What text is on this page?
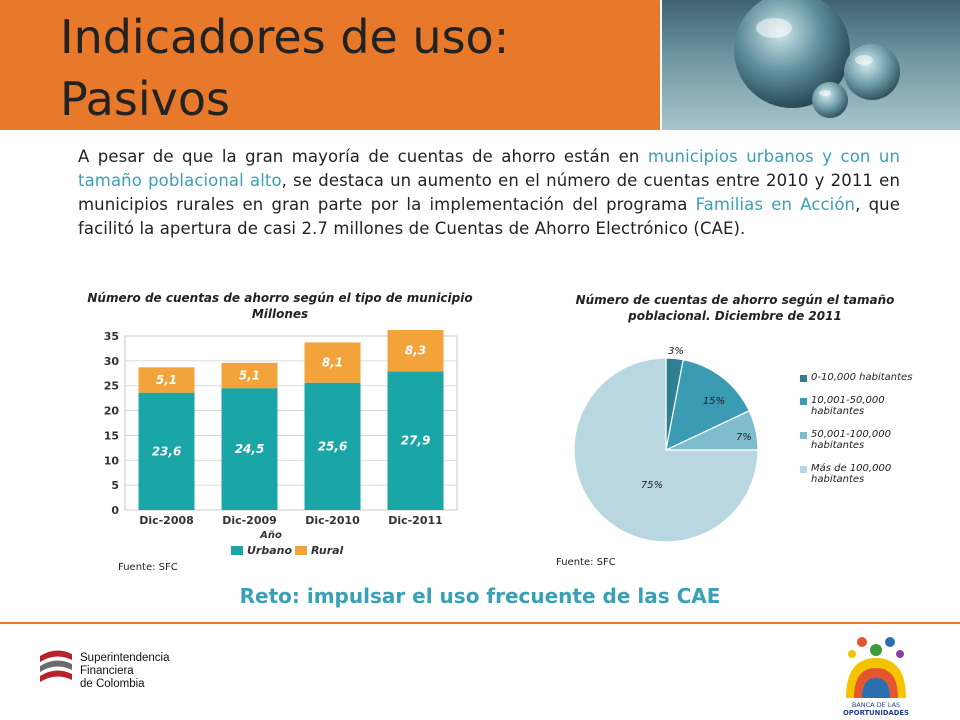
Indicadores de uso:
Pasivos

A pesar de que la gran mayoría de cuentas de ahorro están en municipios urbanos y con un tamaño poblacional alto, se destaca un aumento en el número de cuentas entre 2010 y 2011 en municipios rurales en gran parte por la implementación del programa Familias en Acción, que facilitó la apertura de casi 2.7 millones de Cuentas de Ahorro Electrónico (CAE).

Número de cuentas de ahorro según el tipo de municipio
Millones
0
5
10
15
20
25
30
35
23,6
5,1
Dic-2008
24,5
5,1
Dic-2009
25,6
8,1
Dic-2010
27,9
8,3
Dic-2011
Año
Urbano Rural
Fuente: SFC
Número de cuentas de ahorro según el tamaño poblacional. Diciembre de 2011
3%
15%
7%
75%
0-10,000 habitantes
10,001-50,000 habitantes
50,001-100,000 habitantes
Más de 100,000 habitantes
Fuente: SFC
Reto: impulsar el uso frecuente de las CAE
Superintendencia
Financiera
de Colombia
BANCA DE LAS
OPORTUNIDADES
